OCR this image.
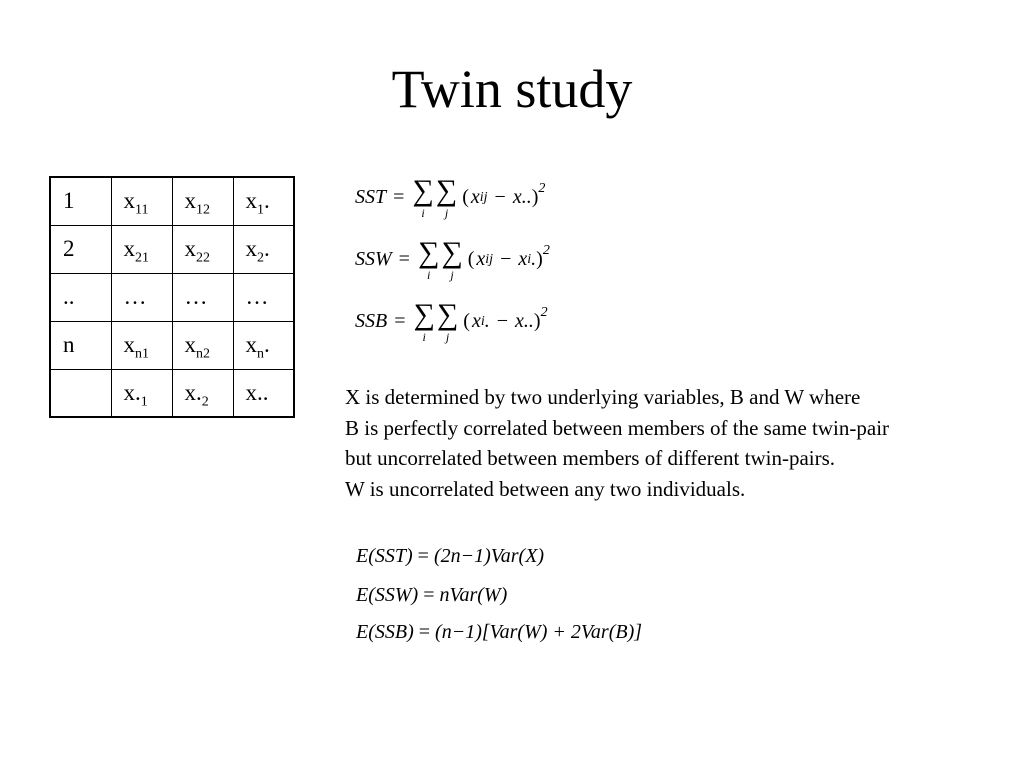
Twin study
1	$x_{11}$	$x_{12}$	$x_1$.
2	$x_{21}$	$x_{22}$	$x_2$.
..	…	…	…
n	$x_{n1}$	$x_{n2}$	$x_n$.
	$x._1$	$x._2$	x..
SST = ∑
i
∑
j
( x ij − x.. )$^2$
SSW = ∑
i
∑
j
( x ij − x i . )$^2$
SSB = ∑
i
∑
j
( x i . − x.. )$^2$
X is determined by two underlying variables, B and W where
B is perfectly correlated between members of the same twin-pair
but uncorrelated between members of different twin-pairs.
W is uncorrelated between any two individuals.
E(SST) = (2n−1)Var(X)
E(SSW) = nVar(W)
E(SSB) = (n−1)[Var(W) + 2Var(B)]
